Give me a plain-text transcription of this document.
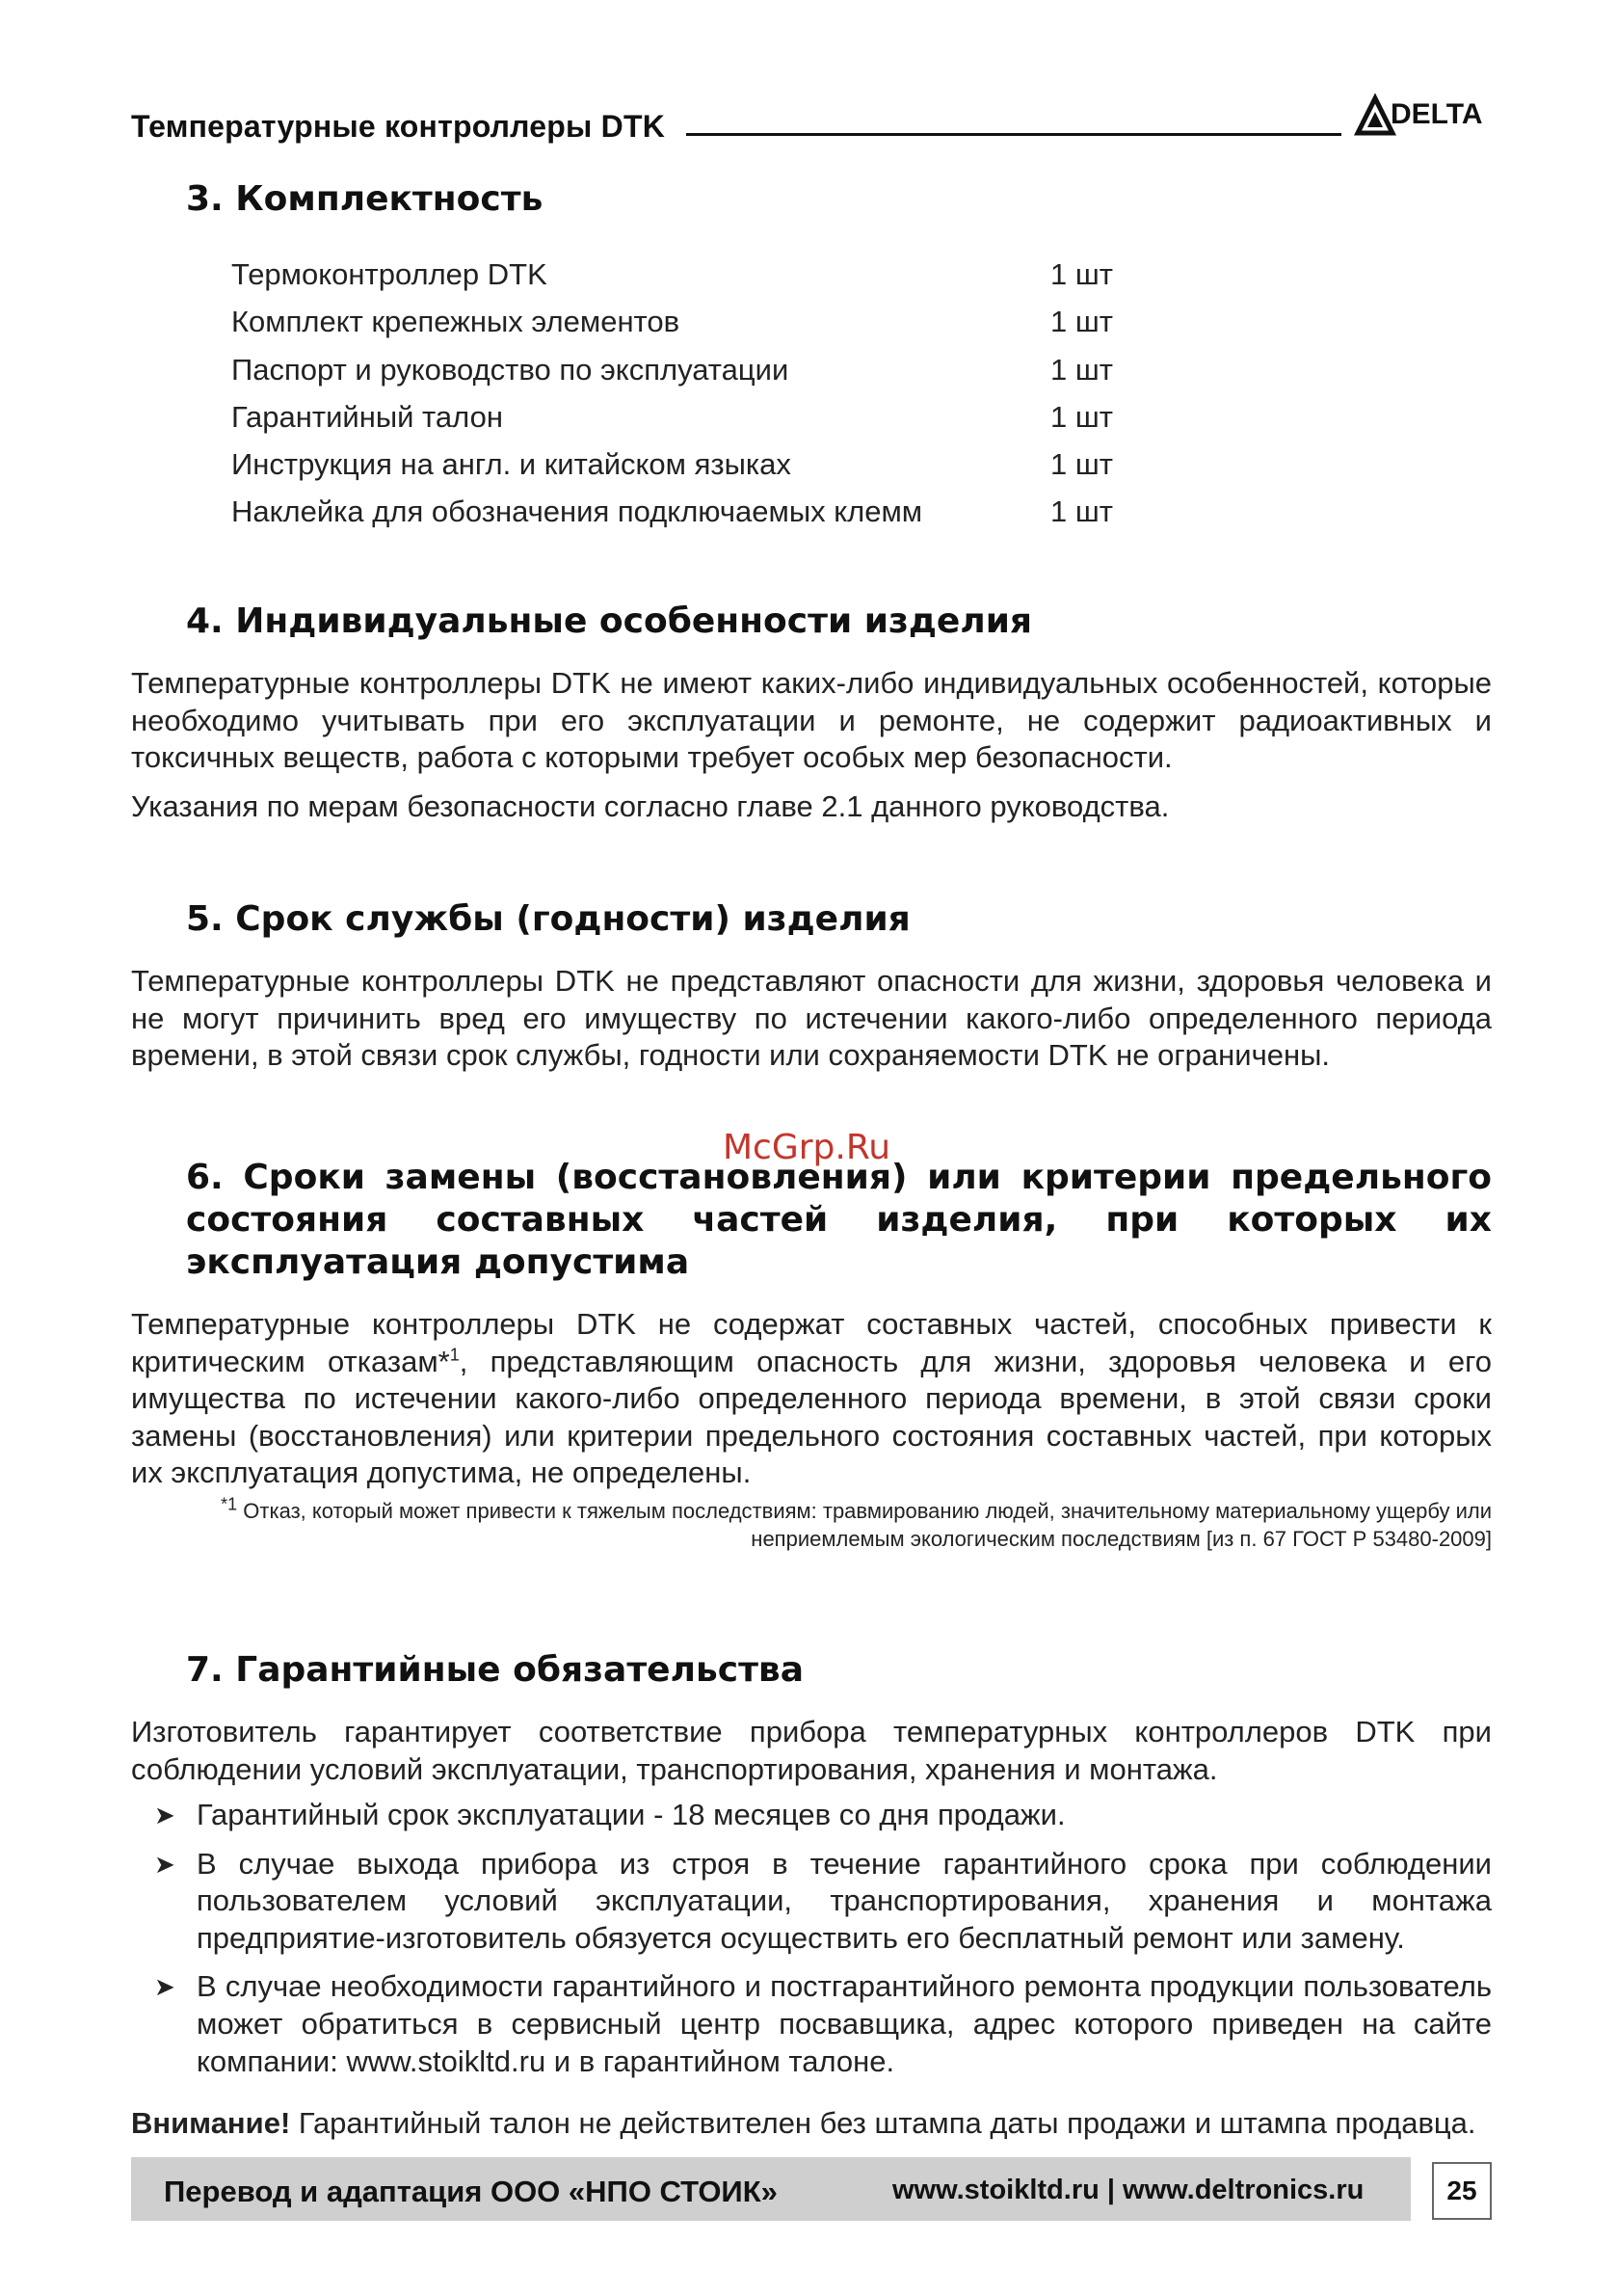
Температурные контроллеры DTK	DELTA
3. Комплектность
Термоконтроллер DTK	1 шт
Комплект крепежных элементов	1 шт
Паспорт и руководство по эксплуатации	1 шт
Гарантийный талон	1 шт
Инструкция на англ. и китайском языках	1 шт
Наклейка для обозначения подключаемых клемм	1 шт
4. Индивидуальные особенности изделия

Температурные контроллеры DTK не имеют каких-либо индивидуальных особенностей, которые необходимо учитывать при его эксплуатации и ремонте, не содержит радиоактивных и токсичных веществ, работа с которыми требует особых мер безопасности.

Указания по мерам безопасности согласно главе 2.1 данного руководства.

5. Срок службы (годности) изделия

Температурные контроллеры DTK не представляют опасности для жизни, здоровья человека и не могут причинить вред его имуществу по истечении какого-либо определенного периода времени, в этой связи срок службы, годности или сохраняемости DTK не ограничены.

McGrp.Ru
6. Сроки замены (восстановления) или критерии предельного состояния составных частей изделия, при которых их эксплуатация допустима

Температурные контроллеры DTK не содержат составных частей, способных привести к критическим отказам*$^1$, представляющим опасность для жизни, здоровья человека и его имущества по истечении какого-либо определенного периода времени, в этой связи сроки замены (восстановления) или критерии предельного состояния составных частей, при которых их эксплуатация допустима, не определены.

$^{*1}$ Отказ, который может привести к тяжелым последствиям: травмированию людей, значительному материальному ущербу или неприемлемым экологическим последствиям [из п. 67 ГОСТ Р 53480-2009]
7. Гарантийные обязательства

Изготовитель гарантирует соответствие прибора температурных контроллеров DTK при соблюдении условий эксплуатации, транспортирования, хранения и монтажа.

➤ Гарантийный срок эксплуатации - 18 месяцев со дня продажи.
➤ В случае выхода прибора из строя в течение гарантийного срока при соблюдении пользователем условий эксплуатации, транспортирования, хранения и монтажа предприятие-изготовитель обязуется осуществить его бесплатный ремонт или замену.
➤ В случае необходимости гарантийного и постгарантийного ремонта продукции пользователь может обратиться в сервисный центр посвавщика, адрес которого приведен на сайте компании: www.stoikltd.ru и в гарантийном талоне.
Внимание! Гарантийный талон не действителен без штампа даты продажи и штампа продавца.
Перевод и адаптация ООО «НПО СТОИК»	www.stoikltd.ru | www.deltronics.ru	25
